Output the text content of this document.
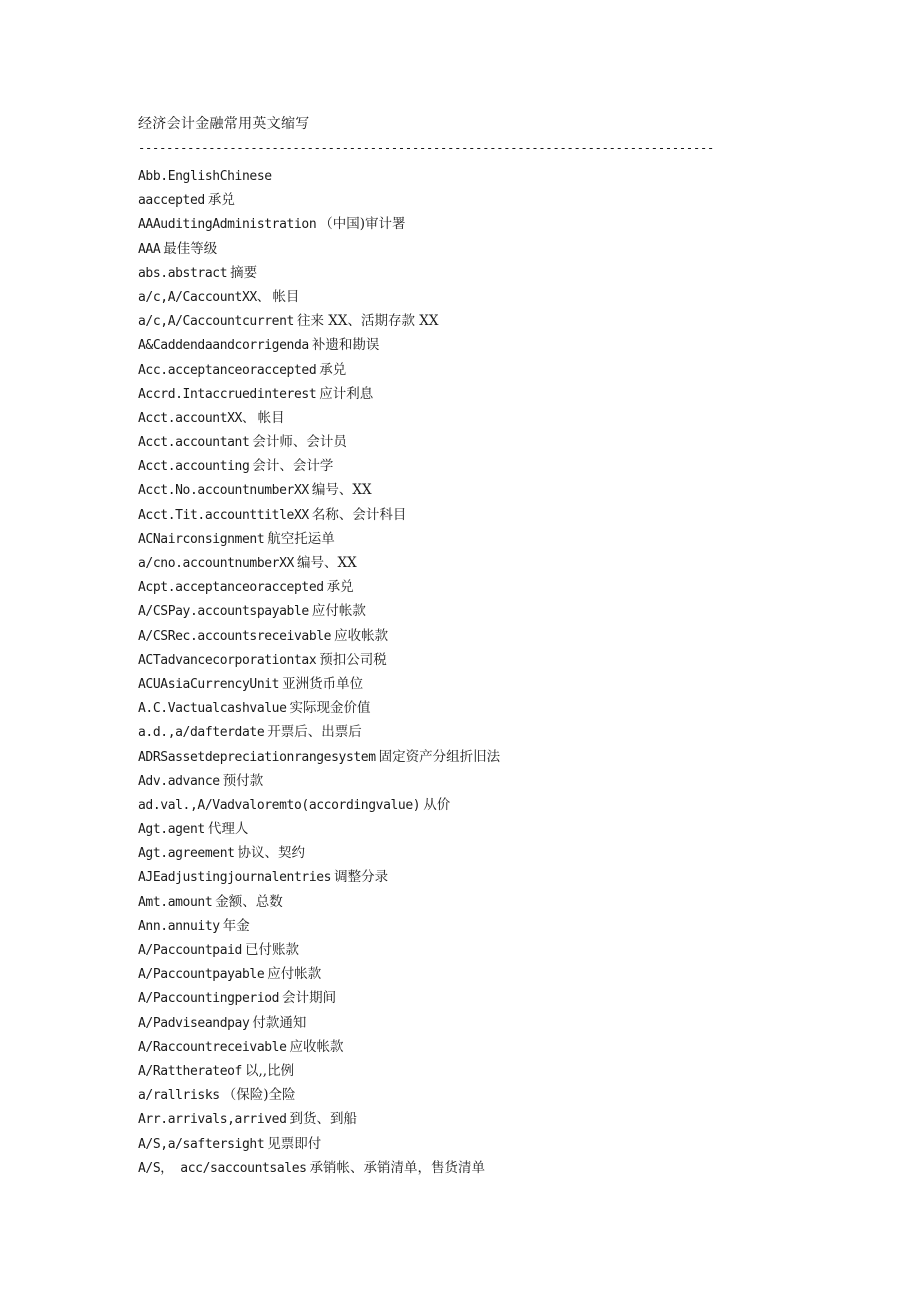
经济会计金融常用英文缩写
----------------------------------------------------------------------------------
Abb.EnglishChinese
aaccepted 承兑
AAAuditingAdministration （中国)审计署
AAA 最佳等级
abs.abstract 摘要
a/c,A/CaccountXX、 帐目
a/c,A/Caccountcurrent 往来 XX、活期存款 XX
A&Caddendaandcorrigenda 补遗和勘误
Acc.acceptanceoraccepted 承兑
Accrd.Intaccruedinterest 应计利息
Acct.accountXX、 帐目
Acct.accountant 会计师、会计员
Acct.accounting 会计、会计学
Acct.No.accountnumberXX 编号、XX
Acct.Tit.accounttitleXX 名称、会计科目
ACNairconsignment 航空托运单
a/cno.accountnumberXX 编号、XX
Acpt.acceptanceoraccepted 承兑
A/CSPay.accountspayable 应付帐款
A/CSRec.accountsreceivable 应收帐款
ACTadvancecorporationtax 预扣公司税
ACUAsiaCurrencyUnit 亚洲货币单位
A.C.Vactualcashvalue 实际现金价值
a.d.,a/dafterdate 开票后、出票后
ADRSassetdepreciationrangesystem 固定资产分组折旧法
Adv.advance 预付款
ad.val.,A/Vadvaloremto(accordingvalue) 从价
Agt.agent 代理人
Agt.agreement 协议、契约
AJEadjustingjournalentries 调整分录
Amt.amount 金额、总数
Ann.annuity 年金
A/Paccountpaid 已付账款
A/Paccountpayable 应付帐款
A/Paccountingperiod 会计期间
A/Padviseandpay 付款通知
A/Raccountreceivable 应收帐款
A/Rattherateof 以,,比例
a/rallrisks （保险)全险
Arr.arrivals,arrived 到货、到船
A/S,a/saftersight 见票即付
A/S， acc/saccountsales 承销帐、承销清单，售货清单
